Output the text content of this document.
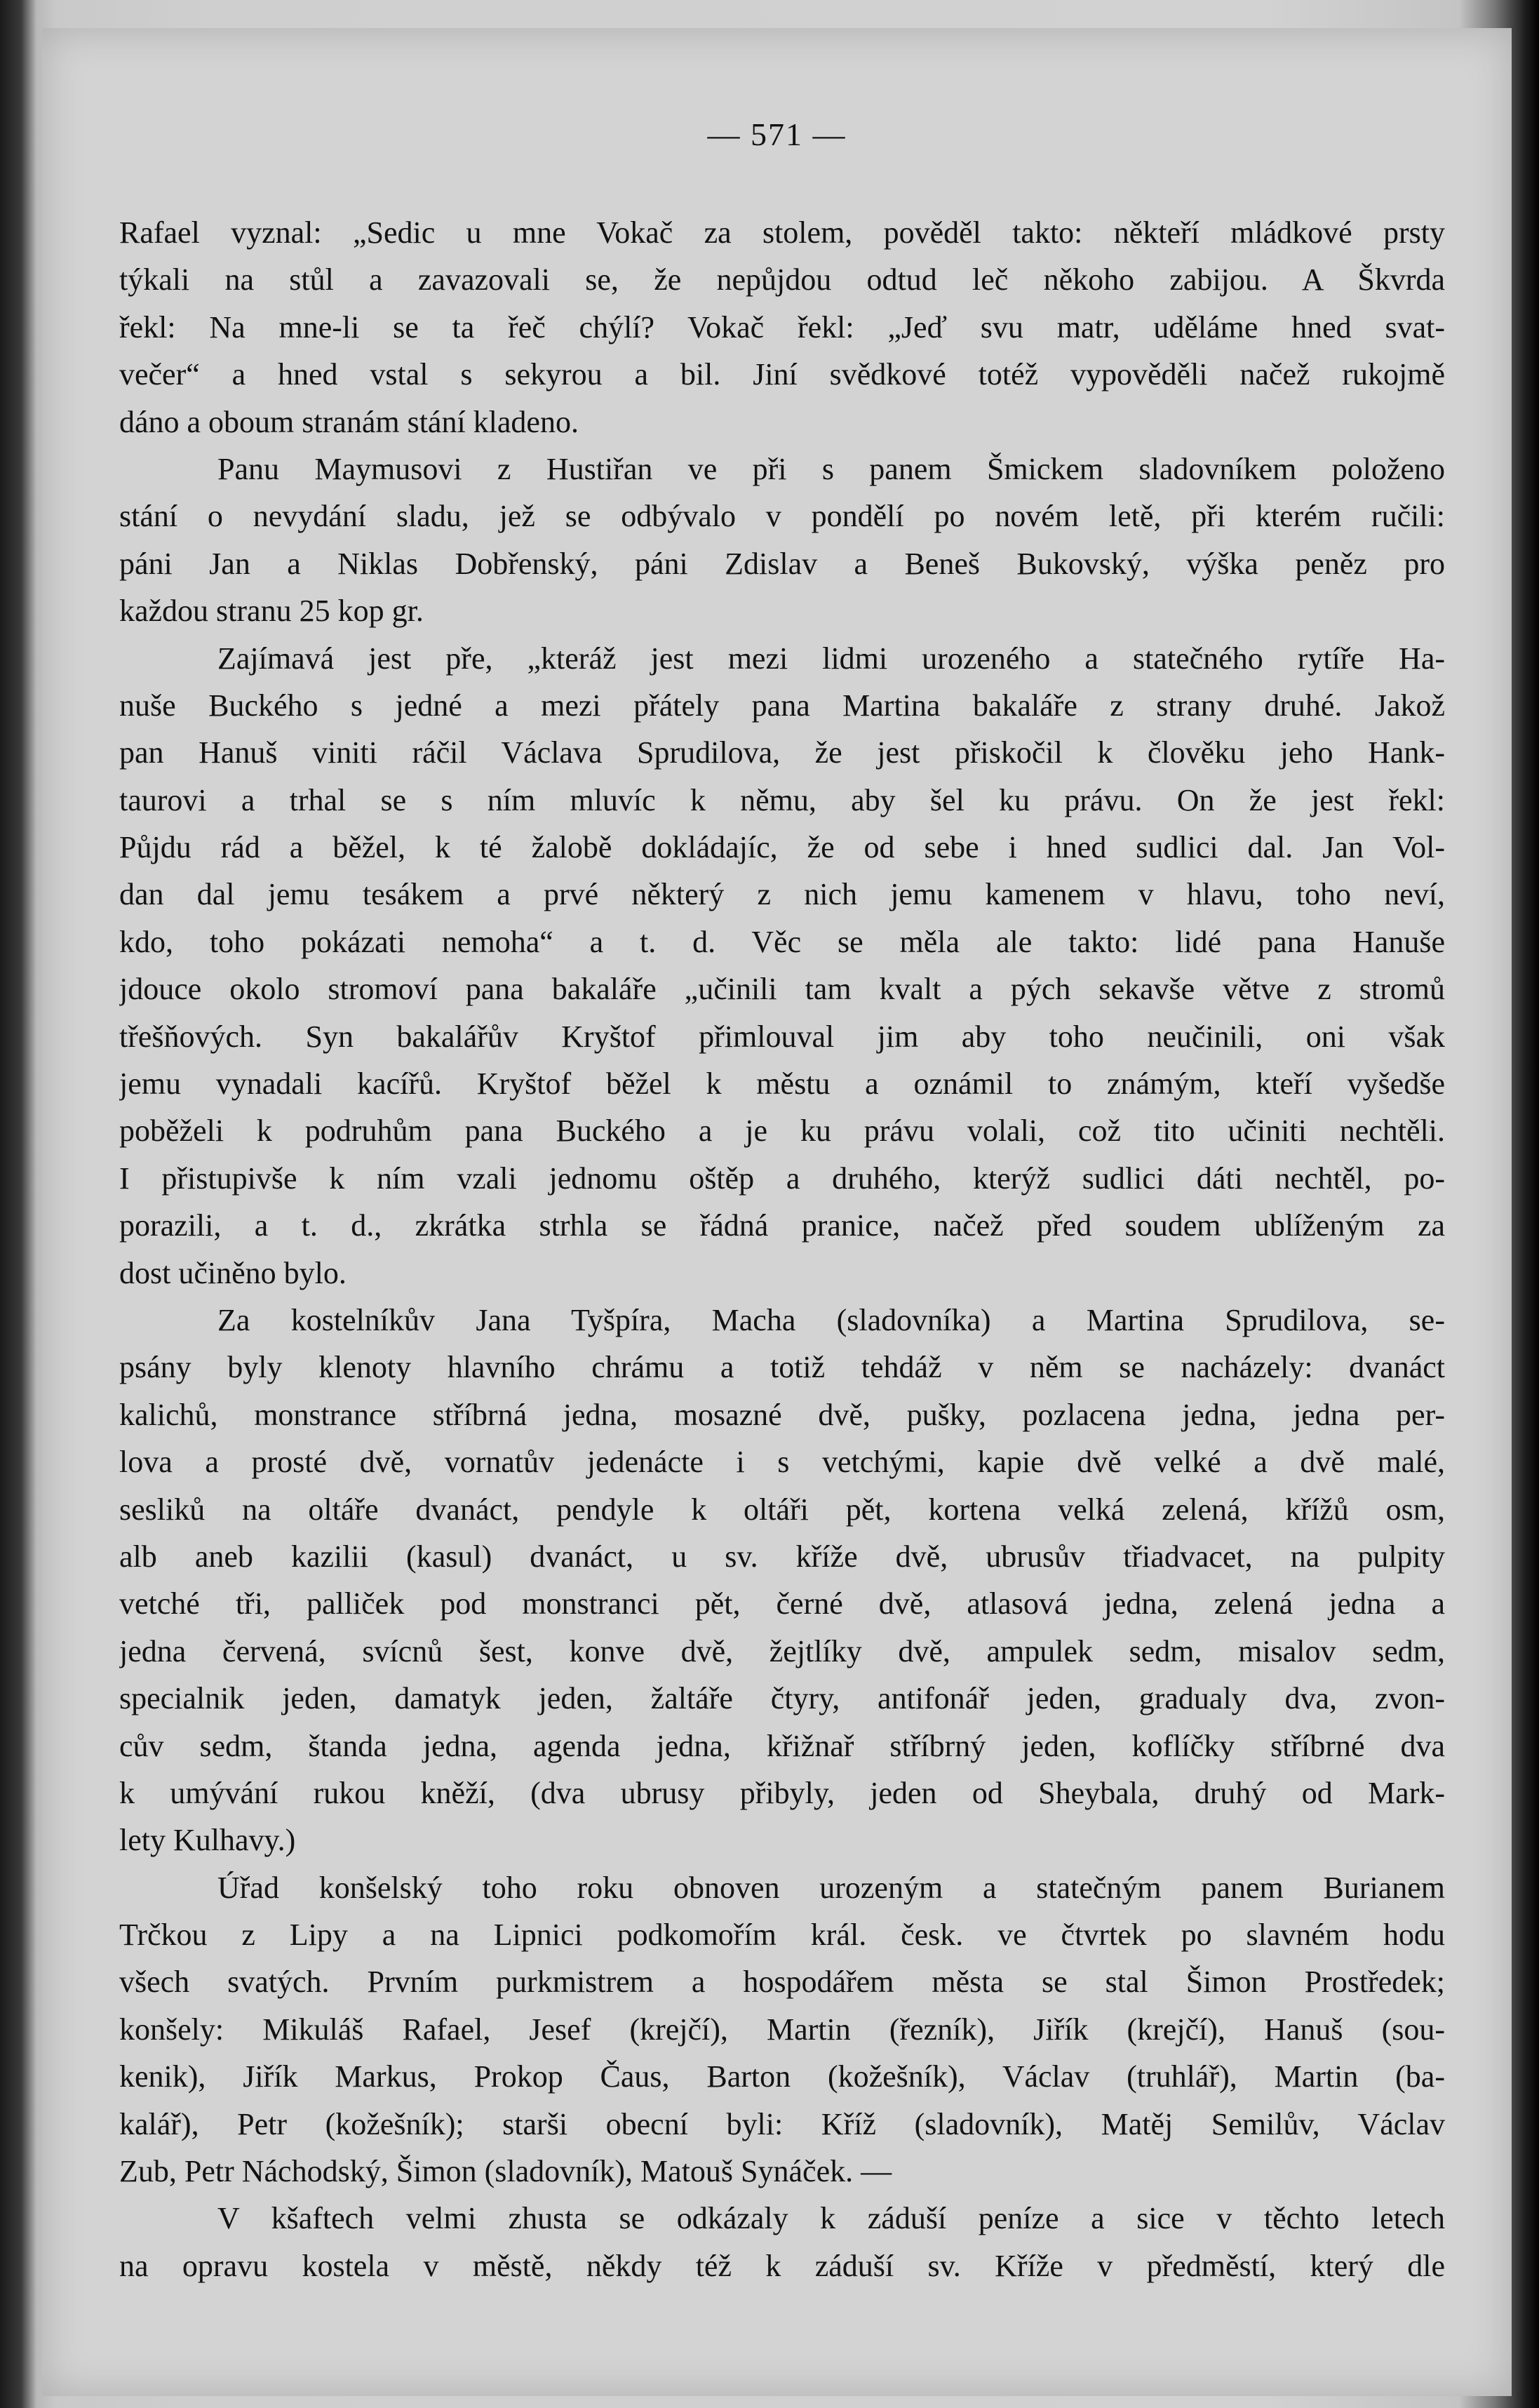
— 571 —
Rafael vyznal: „Sedic u mne Vokač za stolem, pověděl takto: někteří mládkové prsty
týkali na stůl a zavazovali se, že nepůjdou odtud leč někoho zabijou. A Škvrda
řekl: Na mne-li se ta řeč chýlí? Vokač řekl: „Jeď svu matr, uděláme hned svat-
večer“ a hned vstal s sekyrou a bil. Jiní svědkové totéž vypověděli načež rukojmě
dáno a oboum stranám stání kladeno.
Panu Maymusovi z Hustiřan ve při s panem Šmickem sladovníkem položeno
stání o nevydání sladu, jež se odbývalo v pondělí po novém letě, při kterém ručili:
páni Jan a Niklas Dobřenský, páni Zdislav a Beneš Bukovský, výška peněz pro
každou stranu 25 kop gr.
Zajímavá jest pře, „kteráž jest mezi lidmi urozeného a statečného rytíře Ha-
nuše Buckého s jedné a mezi přátely pana Martina bakaláře z strany druhé. Jakož
pan Hanuš viniti ráčil Václava Sprudilova, že jest přiskočil k člověku jeho Hank-
taurovi a trhal se s ním mluvíc k němu, aby šel ku právu. On že jest řekl:
Půjdu rád a běžel, k té žalobě dokládajíc, že od sebe i hned sudlici dal. Jan Vol-
dan dal jemu tesákem a prvé některý z nich jemu kamenem v hlavu, toho neví,
kdo, toho pokázati nemoha“ a t. d. Věc se měla ale takto: lidé pana Hanuše
jdouce okolo stromoví pana bakaláře „učinili tam kvalt a pých sekavše větve z stromů
třešňových. Syn bakalářův Kryštof přimlouval jim aby toho neučinili, oni však
jemu vynadali kacířů. Kryštof běžel k městu a oznámil to známým, kteří vyšedše
poběželi k podruhům pana Buckého a je ku právu volali, což tito učiniti nechtěli.
I přistupivše k ním vzali jednomu oštěp a druhého, kterýž sudlici dáti nechtěl, po-
porazili, a t. d., zkrátka strhla se řádná pranice, načež před soudem ublíženým za
dost učiněno bylo.
Za kostelníkův Jana Tyšpíra, Macha (sladovníka) a Martina Sprudilova, se-
psány byly klenoty hlavního chrámu a totiž tehdáž v něm se nacházely: dvanáct
kalichů, monstrance stříbrná jedna, mosazné dvě, pušky, pozlacena jedna, jedna per-
lova a prosté dvě, vornatův jedenácte i s vetchými, kapie dvě velké a dvě malé,
sesliků na oltáře dvanáct, pendyle k oltáři pět, kortena velká zelená, křížů osm,
alb aneb kazilii (kasul) dvanáct, u sv. kříže dvě, ubrusův třiadvacet, na pulpity
vetché tři, palliček pod monstranci pět, černé dvě, atlasová jedna, zelená jedna a
jedna červená, svícnů šest, konve dvě, žejtlíky dvě, ampulek sedm, misalov sedm,
specialnik jeden, damatyk jeden, žaltáře čtyry, antifonář jeden, gradualy dva, zvon-
cův sedm, štanda jedna, agenda jedna, křižnař stříbrný jeden, koflíčky stříbrné dva
k umývání rukou kněží, (dva ubrusy přibyly, jeden od Sheybala, druhý od Mark-
lety Kulhavy.)
Úřad konšelský toho roku obnoven urozeným a statečným panem Burianem
Trčkou z Lipy a na Lipnici podkomořím král. česk. ve čtvrtek po slavném hodu
všech svatých. Prvním purkmistrem a hospodářem města se stal Šimon Prostředek;
konšely: Mikuláš Rafael, Jesef (krejčí), Martin (řezník), Jiřík (krejčí), Hanuš (sou-
kenik), Jiřík Markus, Prokop Čaus, Barton (kožešník), Václav (truhlář), Martin (ba-
kalář), Petr (kožešník); starši obecní byli: Kříž (sladovník), Matěj Semilův, Václav
Zub, Petr Náchodský, Šimon (sladovník), Matouš Synáček. —
V kšaftech velmi zhusta se odkázaly k záduší peníze a sice v těchto letech
na opravu kostela v městě, někdy též k záduší sv. Kříže v předměstí, který dle
